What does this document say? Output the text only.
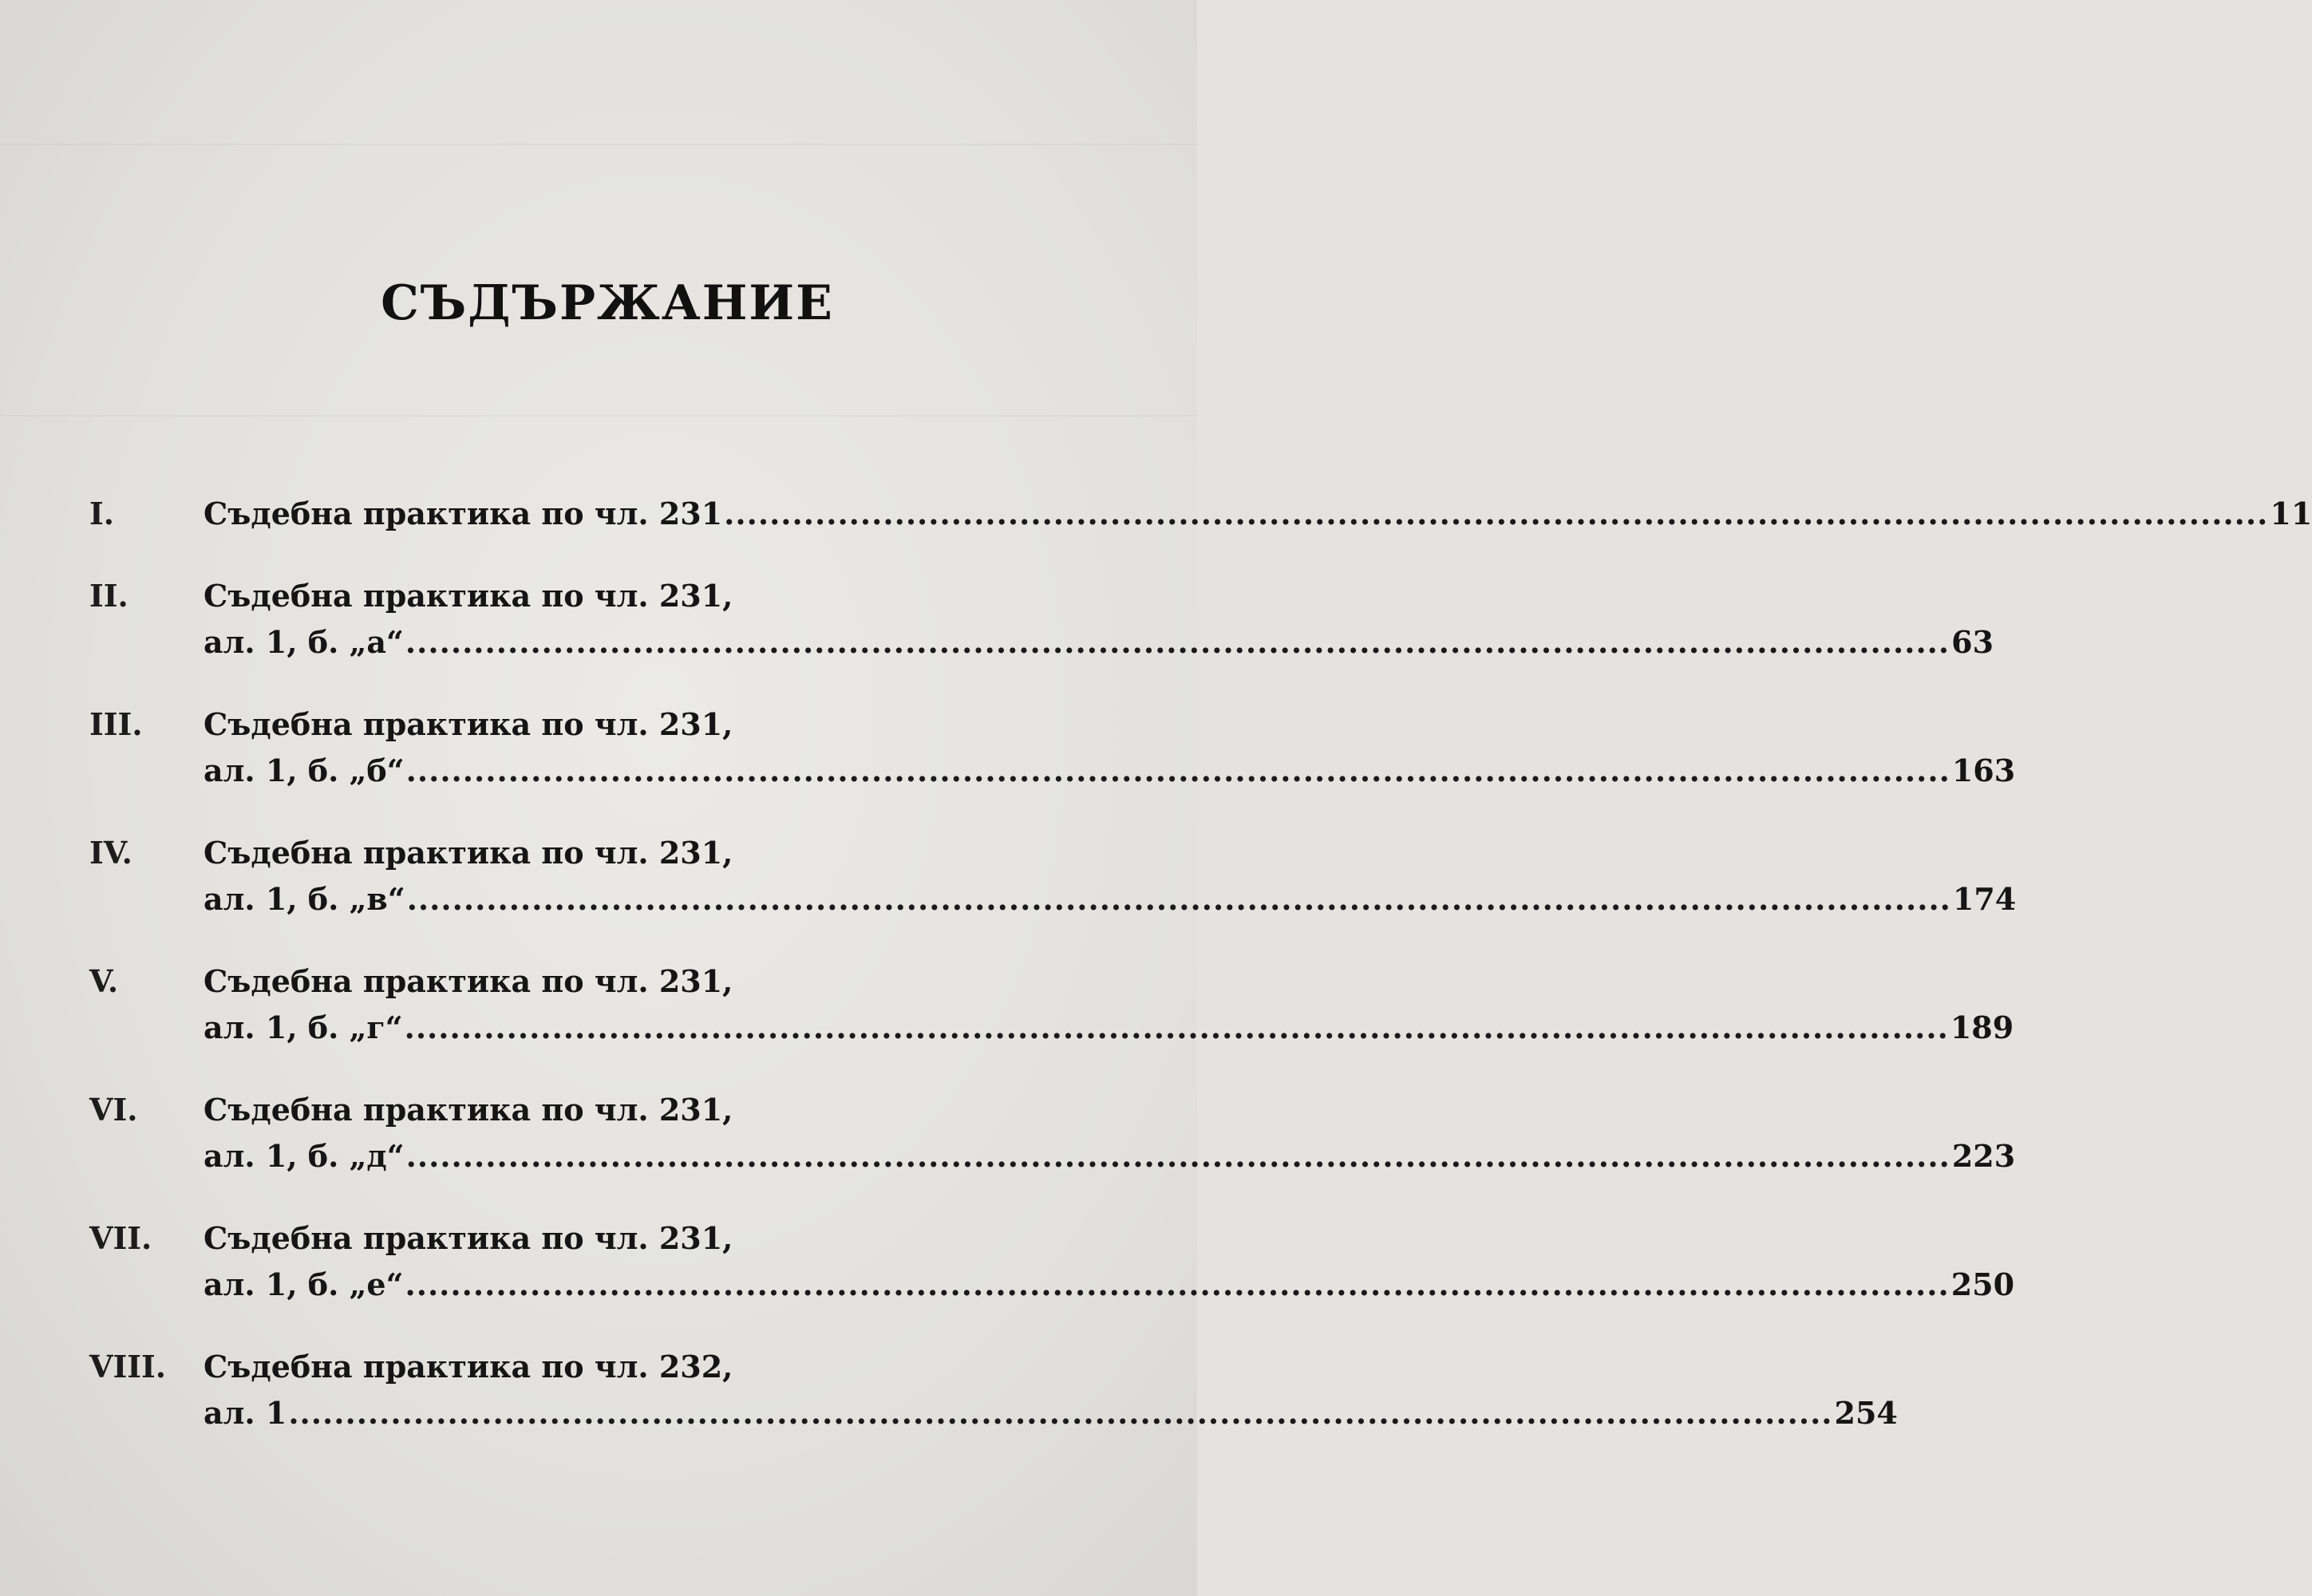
СЪДЪРЖАНИЕ
I.	Съдебна практика по чл. 231 ........................................................................................................................................ 11
II.	Съдебна практика по чл. 231,
ал. 1, б. „а“ ........................................................................................................................................ 63
III.	Съдебна практика по чл. 231,
ал. 1, б. „б“ ........................................................................................................................................ 163
IV.	Съдебна практика по чл. 231,
ал. 1, б. „в“ ........................................................................................................................................ 174
V.	Съдебна практика по чл. 231,
ал. 1, б. „г“ ........................................................................................................................................ 189
VI.	Съдебна практика по чл. 231,
ал. 1, б. „д“ ........................................................................................................................................ 223
VII.	Съдебна практика по чл. 231,
ал. 1, б. „е“ ........................................................................................................................................ 250
VIII.	Съдебна практика по чл. 232,
ал. 1 ........................................................................................................................................ 254
